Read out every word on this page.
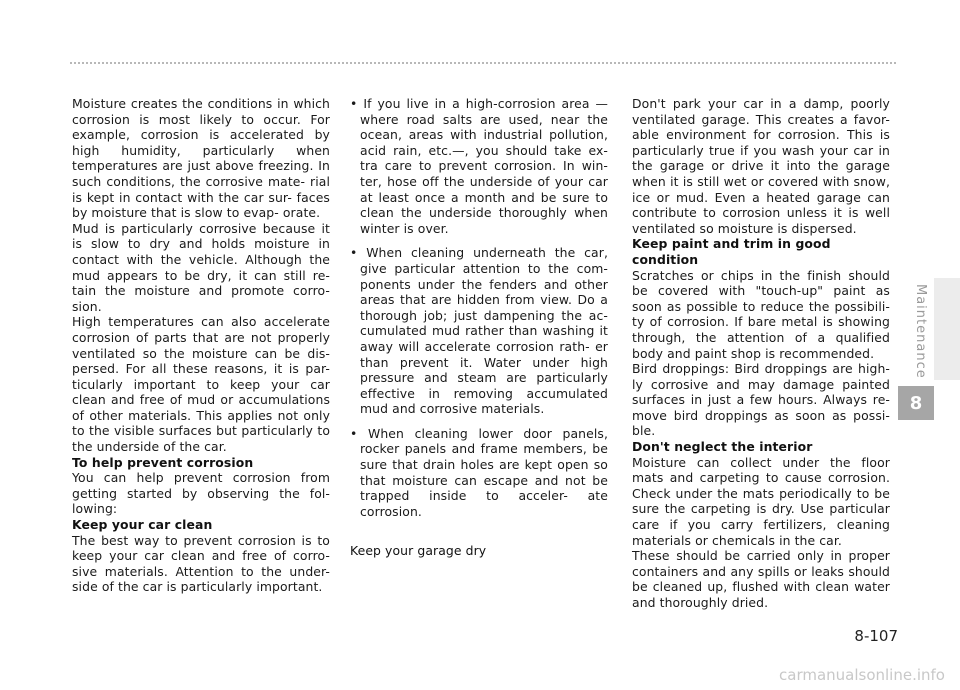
Moisture creates the conditions in which corrosion is most likely to occur. For example, corrosion is accelerated by high humidity, particularly when temperatures are just above freezing. In such conditions, the corrosive mate- rial is kept in contact with the car sur- faces by moisture that is slow to evap- orate.

Mud is particularly corrosive because it is slow to dry and holds moisture in contact with the vehicle. Although the mud appears to be dry, it can still re- tain the moisture and promote corro- sion.

High temperatures can also accelerate corrosion of parts that are not properly ventilated so the moisture can be dis- persed. For all these reasons, it is par- ticularly important to keep your car clean and free of mud or accumulations of other materials. This applies not only to the visible surfaces but particularly to the underside of the car.

To help prevent corrosion

You can help prevent corrosion from getting started by observing the fol- lowing:

Keep your car clean

The best way to prevent corrosion is to keep your car clean and free of corro- sive materials. Attention to the under- side of the car is particularly important.

• If you live in a high-corrosion area — where road salts are used, near the ocean, areas with industrial pollution, acid rain, etc.—, you should take ex- tra care to prevent corrosion. In win- ter, hose off the underside of your car at least once a month and be sure to clean the underside thoroughly when winter is over.

• When cleaning underneath the car, give particular attention to the com- ponents under the fenders and other areas that are hidden from view. Do a thorough job; just dampening the ac- cumulated mud rather than washing it away will accelerate corrosion rath- er than prevent it. Water under high pressure and steam are particularly effective in removing accumulated mud and corrosive materials.

• When cleaning lower door panels, rocker panels and frame members, be sure that drain holes are kept open so that moisture can escape and not be trapped inside to acceler- ate corrosion.

Keep your garage dry

Don't park your car in a damp, poorly ventilated garage. This creates a favor- able environment for corrosion. This is particularly true if you wash your car in the garage or drive it into the garage when it is still wet or covered with snow, ice or mud. Even a heated garage can contribute to corrosion unless it is well ventilated so moisture is dispersed.

Keep paint and trim in good condition

Scratches or chips in the finish should be covered with "touch-up" paint as soon as possible to reduce the possibili- ty of corrosion. If bare metal is showing through, the attention of a qualified body and paint shop is recommended.

Bird droppings: Bird droppings are high- ly corrosive and may damage painted surfaces in just a few hours. Always re- move bird droppings as soon as possi- ble.

Don't neglect the interior

Moisture can collect under the floor mats and carpeting to cause corrosion. Check under the mats periodically to be sure the carpeting is dry. Use particular care if you carry fertilizers, cleaning materials or chemicals in the car.

These should be carried only in proper containers and any spills or leaks should be cleaned up, flushed with clean water and thoroughly dried.

Maintenance
8
8-107
carmanualsonline.info
